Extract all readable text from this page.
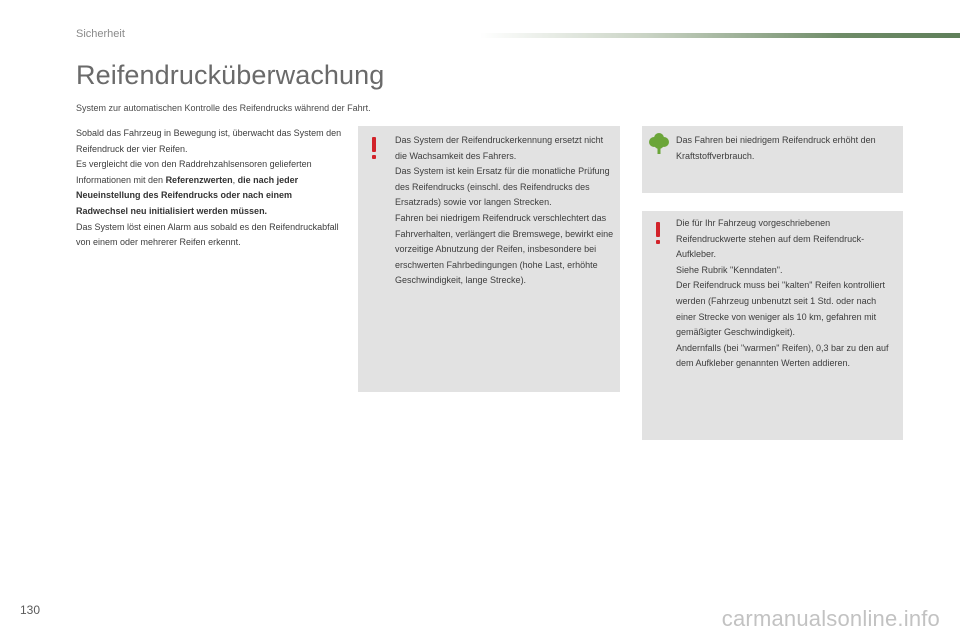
Sicherheit
Reifendrucküberwachung

System zur automatischen Kontrolle des Reifendrucks während der Fahrt.

Sobald das Fahrzeug in Bewegung ist, überwacht das System den Reifendruck der vier Reifen.

Es vergleicht die von den Raddrehzahlsensoren gelieferten Informationen mit den Referenzwerten, die nach jeder Neueinstellung des Reifendrucks oder nach einem Radwechsel neu initialisiert werden müssen.

Das System löst einen Alarm aus sobald es den Reifendruckabfall von einem oder mehrerer Reifen erkennt.

Das System der Reifendruckerkennung ersetzt nicht die Wachsamkeit des Fahrers.

Das System ist kein Ersatz für die monatliche Prüfung des Reifendrucks (einschl. des Reifendrucks des Ersatzrads) sowie vor langen Strecken.

Fahren bei niedrigem Reifendruck verschlechtert das Fahrverhalten, verlängert die Bremswege, bewirkt eine vorzeitige Abnutzung der Reifen, insbesondere bei erschwerten Fahrbedingungen (hohe Last, erhöhte Geschwindigkeit, lange Strecke).

Das Fahren bei niedrigem Reifendruck erhöht den Kraftstoffverbrauch.

Die für Ihr Fahrzeug vorgeschriebenen Reifendruckwerte stehen auf dem Reifendruck-Aufkleber.

Siehe Rubrik "Kenndaten".

Der Reifendruck muss bei "kalten" Reifen kontrolliert werden (Fahrzeug unbenutzt seit 1 Std. oder nach einer Strecke von weniger als 10 km, gefahren mit gemäßigter Geschwindigkeit).

Andernfalls (bei "warmen" Reifen), 0,3 bar zu den auf dem Aufkleber genannten Werten addieren.

130	carmanualsonline.info
